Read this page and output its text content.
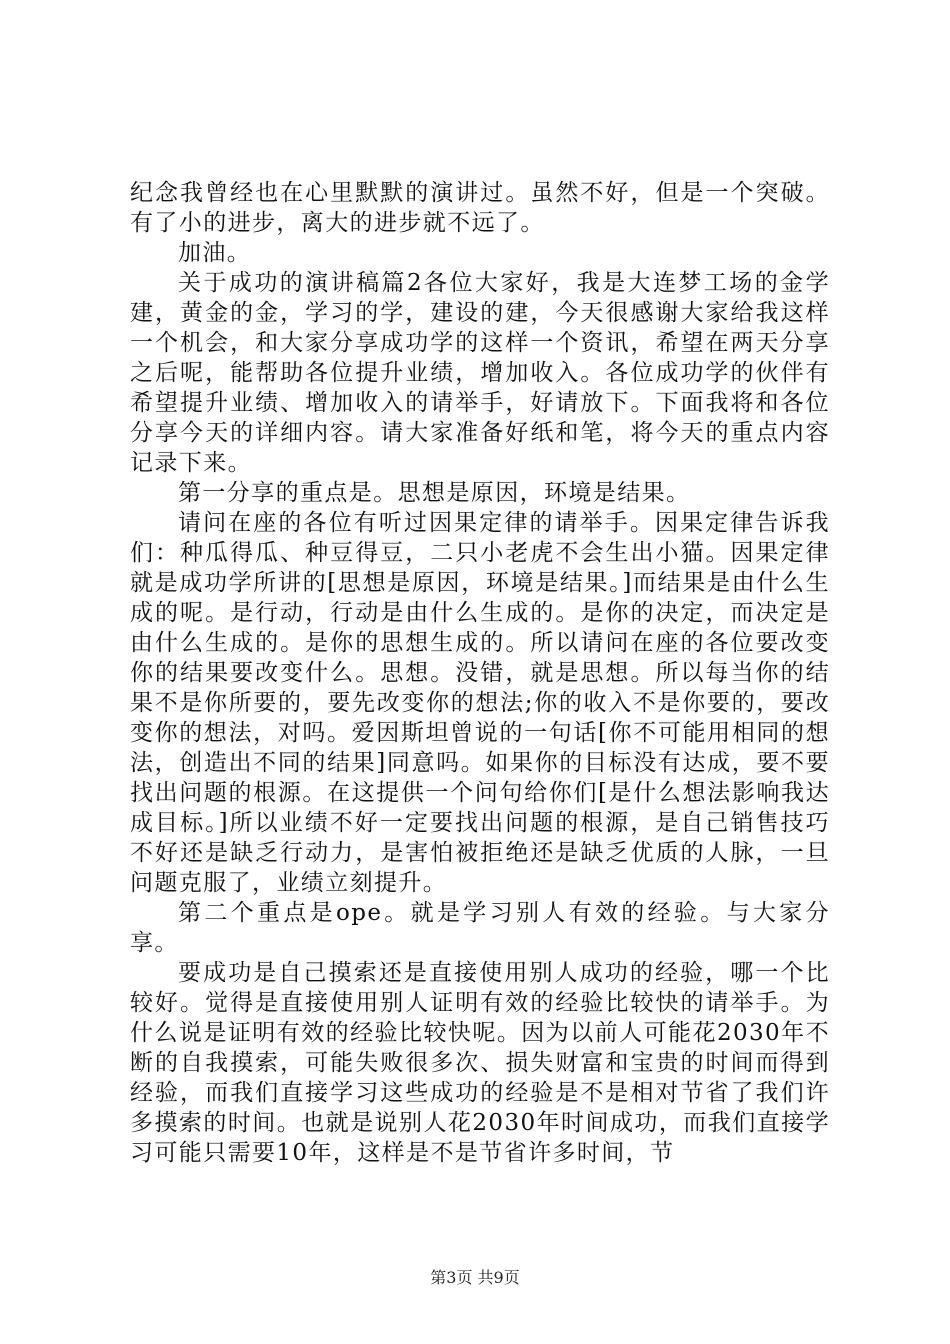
纪念我曾经也在心里默默的演讲过。虽然不好，但是一个突破。有了小的进步，离大的进步就不远了。

加油。

关于成功的演讲稿篇2各位大家好，我是大连梦工场的金学建，黄金的金，学习的学，建设的建，今天很感谢大家给我这样一个机会，和大家分享成功学的这样一个资讯，希望在两天分享之后呢，能帮助各位提升业绩，增加收入。各位成功学的伙伴有希望提升业绩、增加收入的请举手，好请放下。下面我将和各位分享今天的详细内容。请大家准备好纸和笔，将今天的重点内容记录下来。

第一分享的重点是。思想是原因，环境是结果。

请问在座的各位有听过因果定律的请举手。因果定律告诉我们：种瓜得瓜、种豆得豆，二只小老虎不会生出小猫。因果定律就是成功学所讲的[思想是原因，环境是结果。]而结果是由什么生成的呢。是行动，行动是由什么生成的。是你的决定，而决定是由什么生成的。是你的思想生成的。所以请问在座的各位要改变你的结果要改变什么。思想。没错，就是思想。所以每当你的结果不是你所要的，要先改变你的想法;你的收入不是你要的，要改变你的想法，对吗。爱因斯坦曾说的一句话[你不可能用相同的想法，创造出不同的结果]同意吗。如果你的目标没有达成，要不要找出问题的根源。在这提供一个问句给你们[是什么想法影响我达成目标。]所以业绩不好一定要找出问题的根源，是自己销售技巧不好还是缺乏行动力，是害怕被拒绝还是缺乏优质的人脉，一旦问题克服了，业绩立刻提升。

第二个重点是ope。就是学习别人有效的经验。与大家分享。

要成功是自己摸索还是直接使用别人成功的经验，哪一个比较好。觉得是直接使用别人证明有效的经验比较快的请举手。为什么说是证明有效的经验比较快呢。因为以前人可能花2030年不断的自我摸索，可能失败很多次、损失财富和宝贵的时间而得到经验，而我们直接学习这些成功的经验是不是相对节省了我们许多摸索的时间。也就是说别人花2030年时间成功，而我们直接学习可能只需要10年，这样是不是节省许多时间，节

第3页 共9页
